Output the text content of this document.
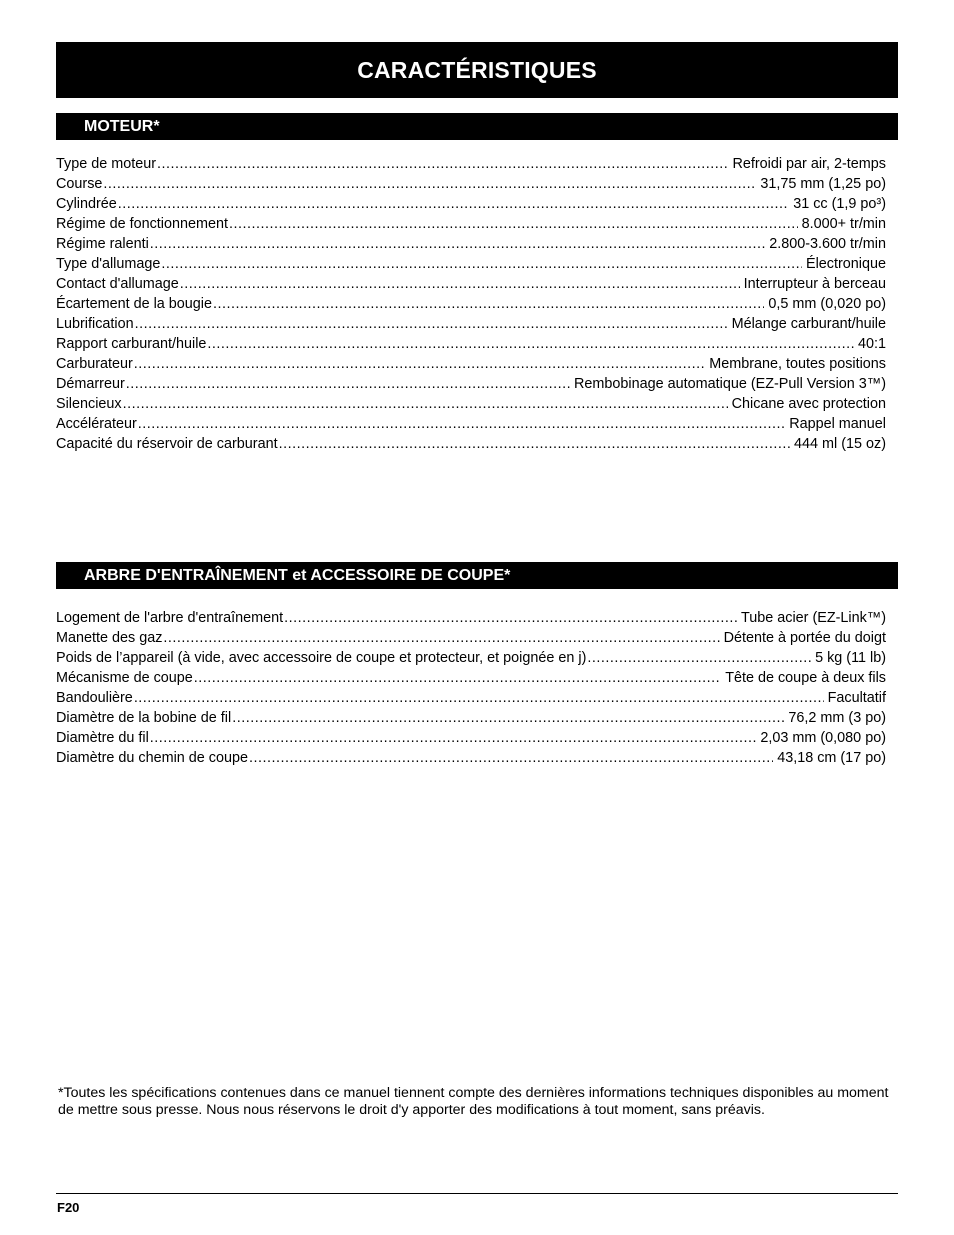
CARACTÉRISTIQUES
MOTEUR*
Type de moteur .....	Refroidi par air, 2-temps
Course .....	31,75 mm (1,25 po)
Cylindrée .....	31 cc (1,9 po³)
Régime de fonctionnement .....	8.000+ tr/min
Régime ralenti .....	2.800-3.600 tr/min
Type d'allumage .....	Électronique
Contact d'allumage .....	Interrupteur à berceau
Écartement de la bougie .....	0,5 mm (0,020 po)
Lubrification .....	Mélange carburant/huile
Rapport carburant/huile .....	40:1
Carburateur .....	Membrane, toutes positions
Démarreur .....	Rembobinage automatique (EZ-Pull Version 3™)
Silencieux .....	Chicane avec protection
Accélérateur .....	Rappel manuel
Capacité du réservoir de carburant .....	444 ml (15 oz)
ARBRE D'ENTRAÎNEMENT et ACCESSOIRE DE COUPE*
Logement de l'arbre d'entraînement .....	Tube acier (EZ-Link™)
Manette des gaz .....	Détente à portée du doigt
Poids de l’appareil (à vide, avec accessoire de coupe et protecteur, et poignée en j) .....	5 kg (11 lb)
Mécanisme de coupe .....	Tête de coupe à deux fils
Bandoulière .....	Facultatif
Diamètre de la bobine de fil .....	76,2 mm (3 po)
Diamètre du fil .....	2,03 mm (0,080 po)
Diamètre du chemin de coupe .....	43,18 cm (17 po)
*Toutes les spécifications contenues dans ce manuel tiennent compte des dernières informations techniques disponibles au moment de mettre sous presse. Nous nous réservons le droit d'y apporter des modifications à tout moment, sans préavis.
F20
